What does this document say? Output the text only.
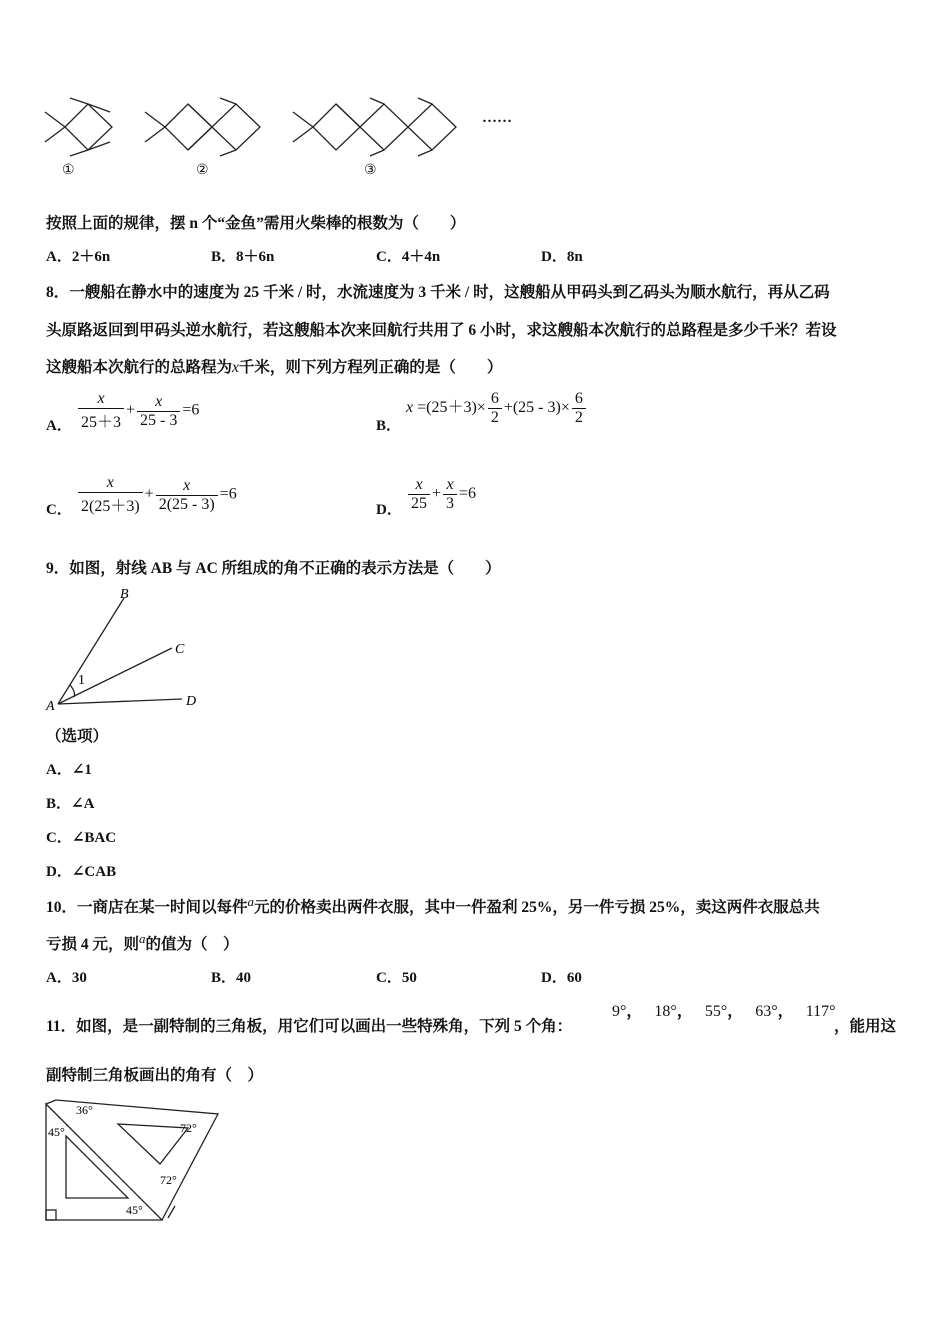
……
①	②	③
按照上面的规律，摆 n 个“金鱼”需用火柴棒的根数为（　　）
A．2＋6n	B．8＋6n	C．4＋4n	D．8n
8．一艘船在静水中的速度为 25 千米 / 时，水流速度为 3 千米 / 时，这艘船从甲码头到乙码头为顺水航行，再从乙码
头原路返回到甲码头逆水航行，若这艘船本次来回航行共用了 6 小时，求这艘船本次航行的总路程是多少千米？若设
这艘船本次航行的总路程为x千米，则下列方程列正确的是（　　）
A． $\frac{x}{25+3} + \frac{x}{25 - 3} =6$
B．
$x =(25+3)\times \frac{6}{2} +(25 - 3)\times \frac{6}{2}$
C． $\frac{x}{2(25+3)} + \frac{x}{2(25 - 3)} =6$
D． $\frac{x}{25} + \frac{x}{3} =6$
9．如图，射线 AB 与 AC 所组成的角不正确的表示方法是（　　）
B
C
D
A
1
（选项）
A．∠1
B．∠A
C．∠BAC
D．∠CAB
10．一商店在某一时间以每件$^a$元的价格卖出两件衣服，其中一件盈利 25%，另一件亏损 25%，卖这两件衣服总共
亏损 4 元，则$^a$的值为（　）
A．30	B．40	C．50	D．60
11．如图，是一副特制的三角板，用它们可以画出一些特殊角，下列 5 个角：
9°， 18°， 55°， 63°， 117°
，能用这
副特制三角板画出的角有（　）
36°
45°	72°
72°
45°
